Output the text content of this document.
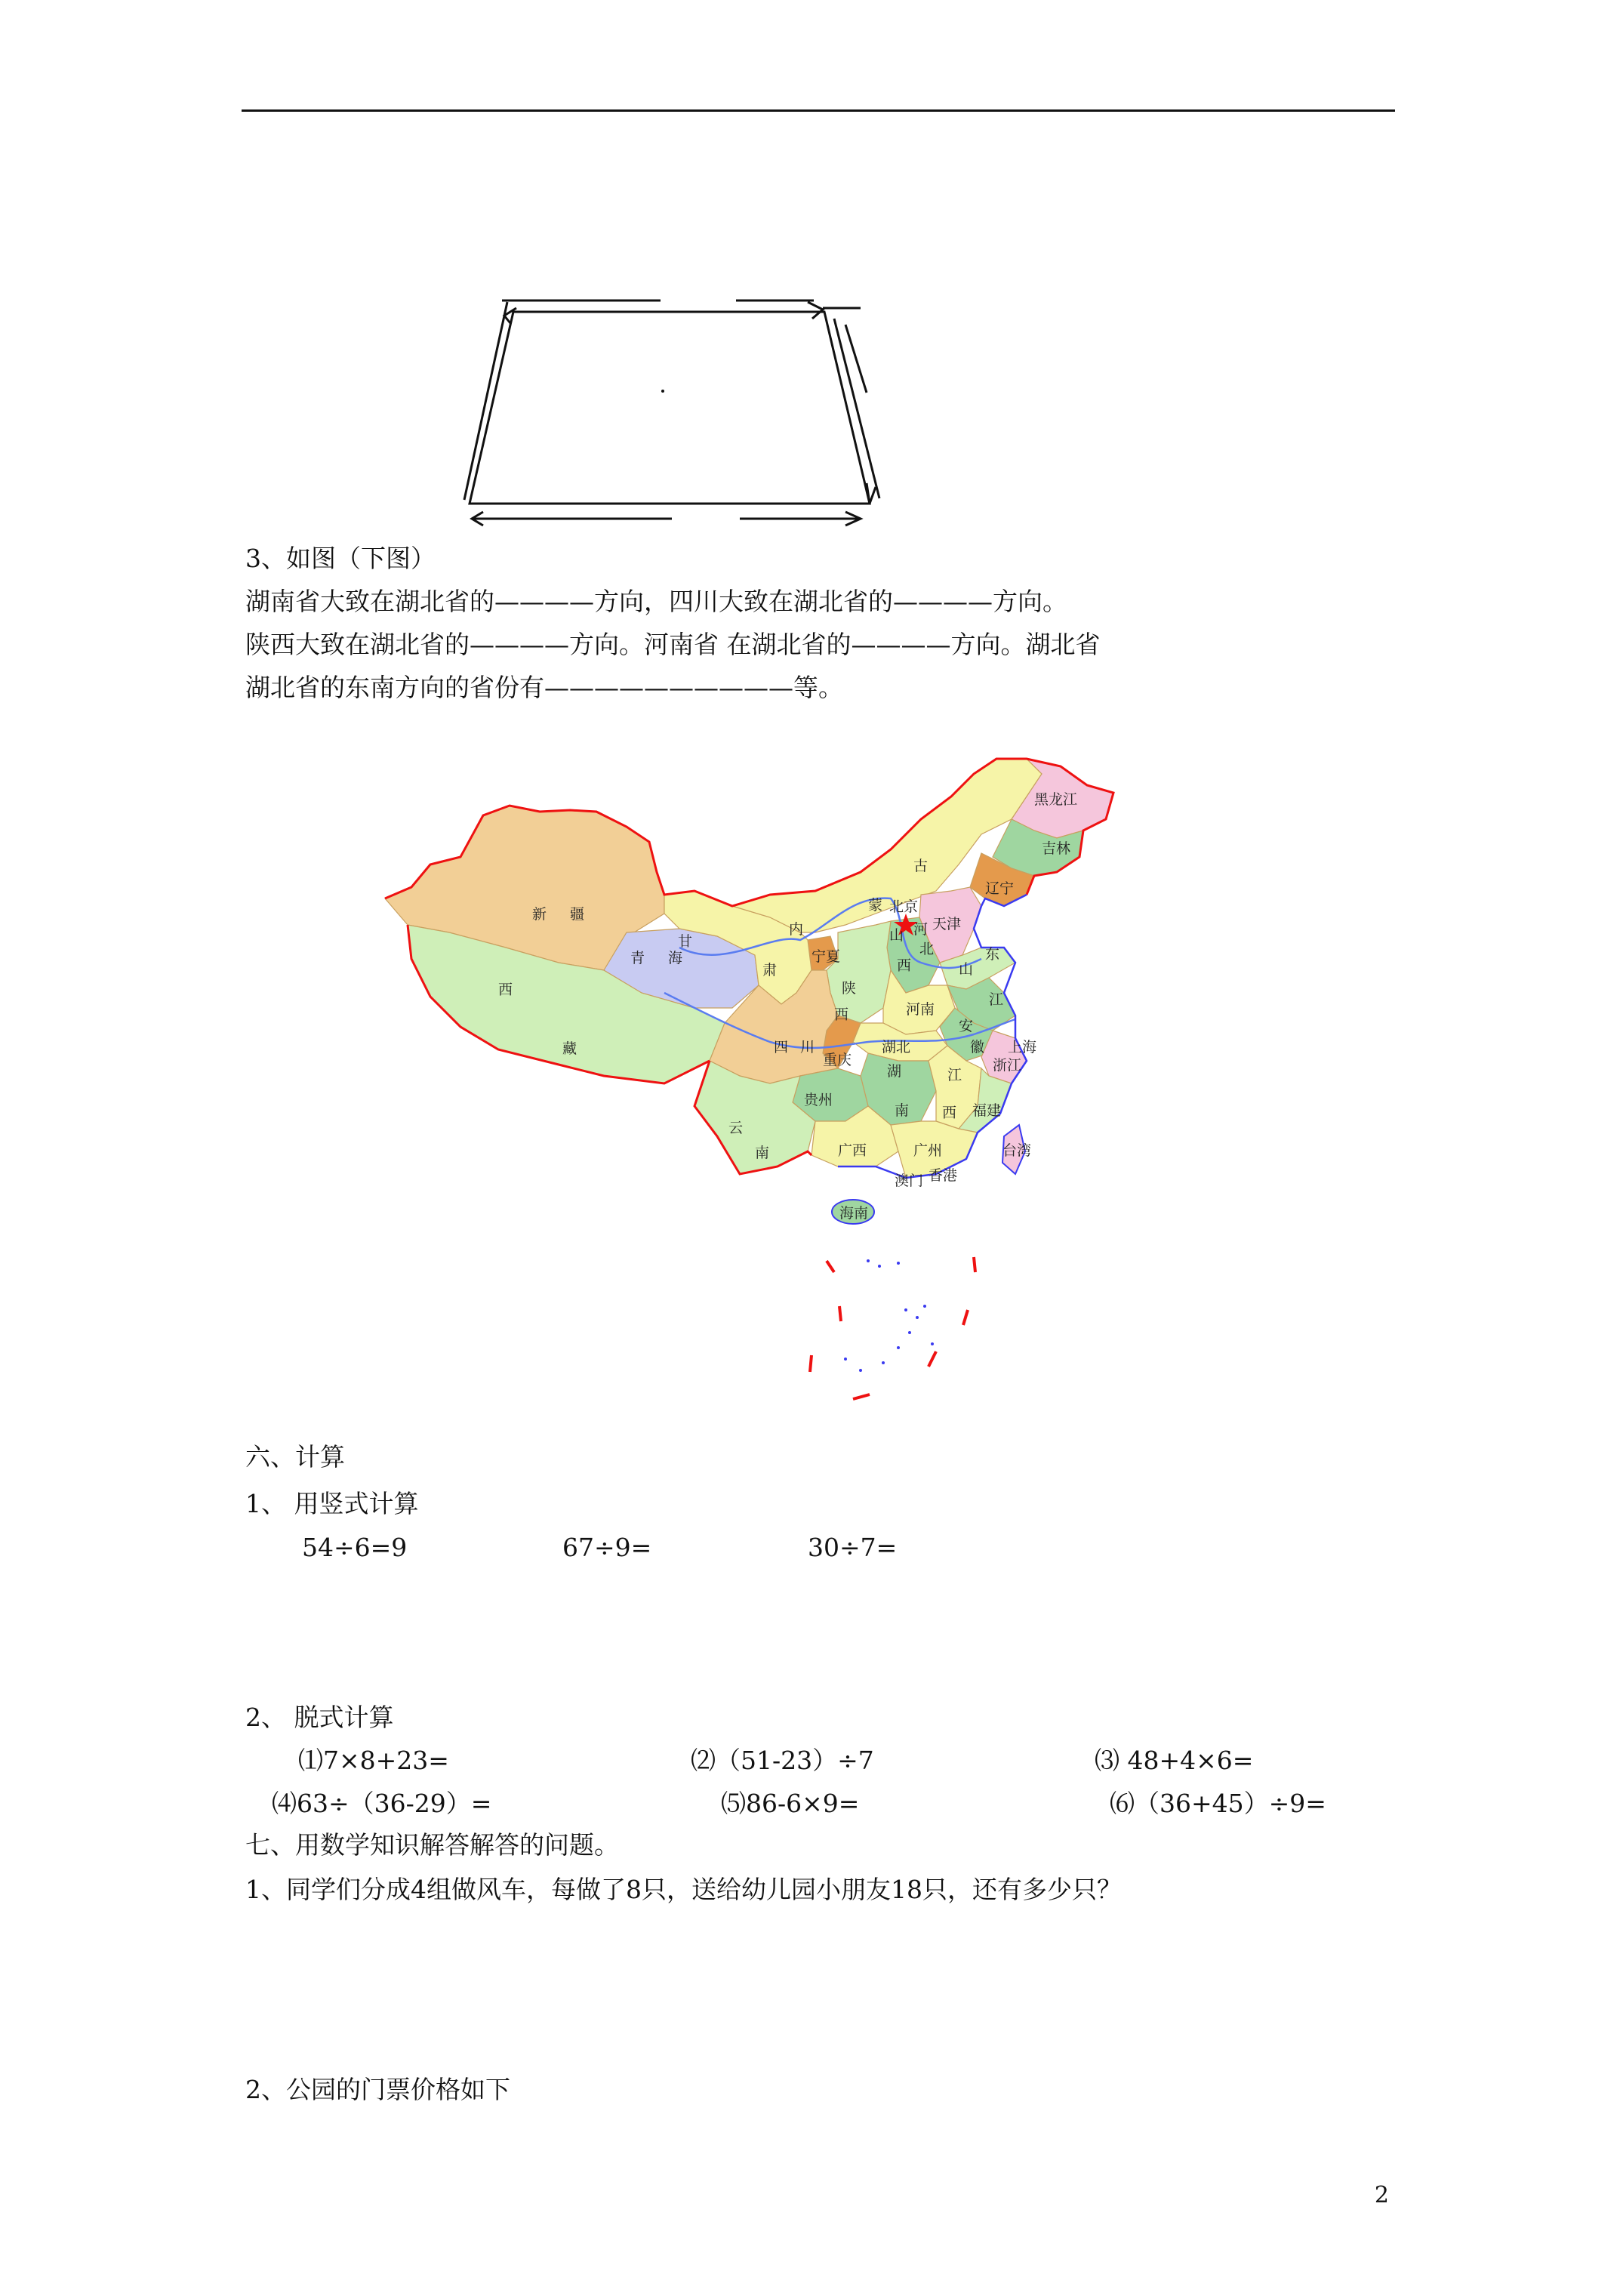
3、如图（下图）
湖南省大致在湖北省的————方向，四川大致在湖北省的————方向。
陕西大致在湖北省的————方向。河南省 在湖北省的————方向。湖北省
湖北省的东南方向的省份有——————————等。
新 疆
西
藏
青 海
甘
肃
内
蒙
古
黑龙江
吉林
辽宁
北京
天津
河
北
山
西	山
东
宁夏
陕
西	河南
江
安
徽 上海
湖北
浙江
四 川
重庆
湖
南
江
西 福建
台湾
贵州
云
南	广西	广州
澳门 香港
海南
六、计算
1、 用竖式计算
54÷6=9	67÷9=	30÷7=
2、 脱式计算
⑴7×8+23=	⑵（51-23）÷7	⑶ 48+4×6=
⑷63÷（36-29）=	⑸86-6×9=	⑹（36+45）÷9=
七、用数学知识解答解答的问题。
1、同学们分成4组做风车，每做了8只，送给幼儿园小朋友18只，还有多少只？
2、公园的门票价格如下
2
